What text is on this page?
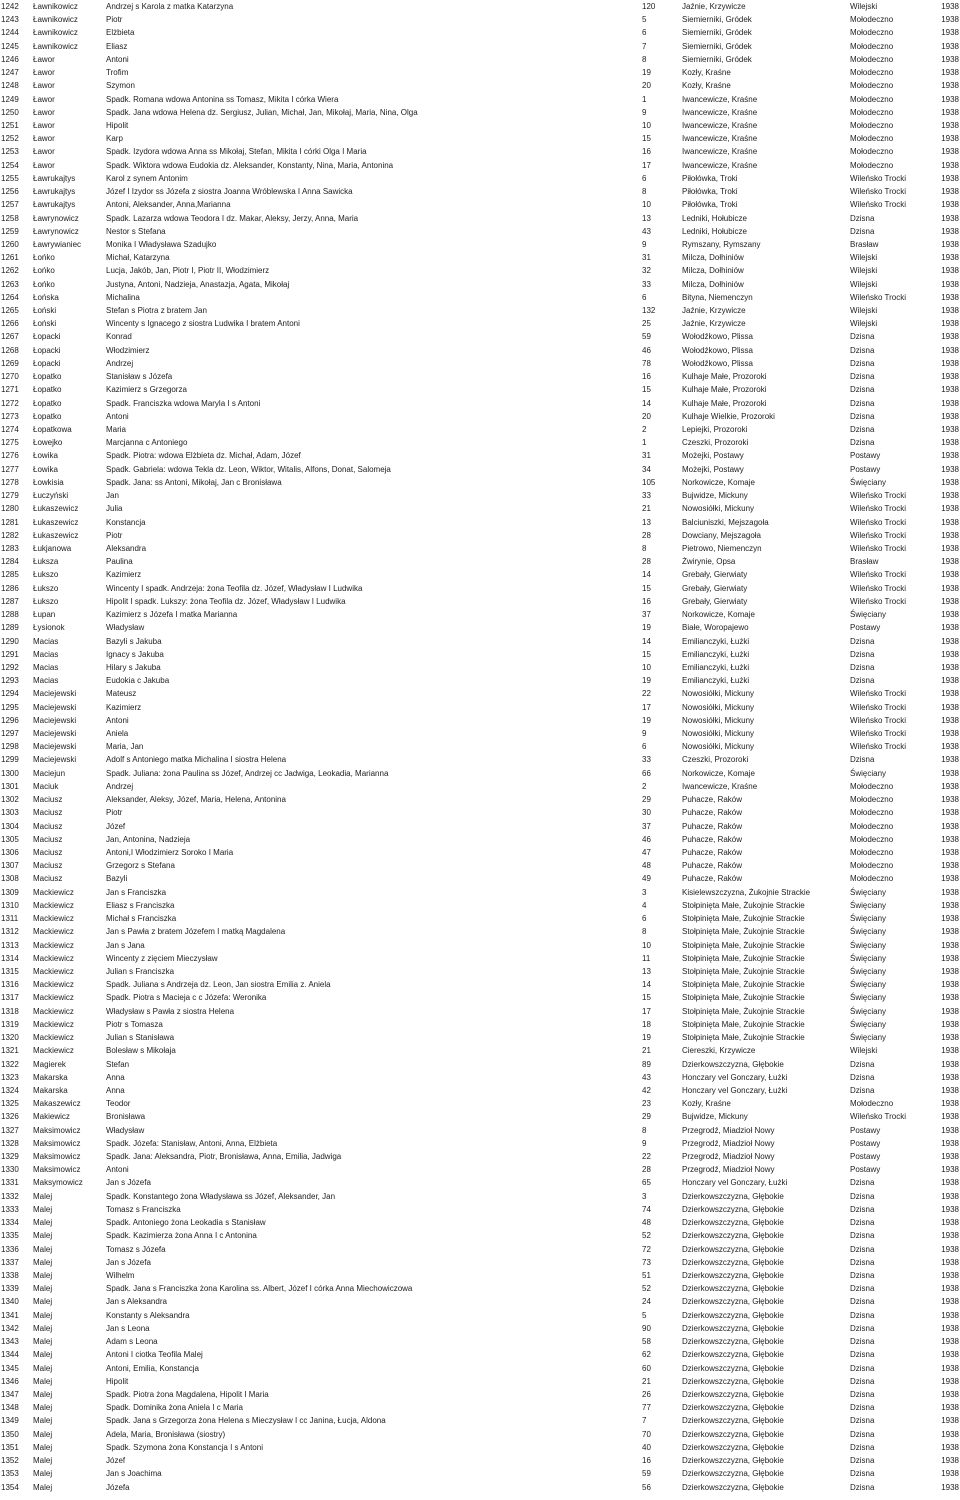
1242	Ławnikowicz	Andrzej s Karola z matka Katarzyna	120	Jaźnie, Krzywicze	Wilejski	1938
1243	Ławnikowicz	Piotr	5	Siemierniki, Gródek	Mołodeczno	1938
1244	Ławnikowicz	Elżbieta	6	Siemierniki, Gródek	Mołodeczno	1938
1245	Ławnikowicz	Eliasz	7	Siemierniki, Gródek	Mołodeczno	1938
1246	Ławor	Antoni	8	Siemierniki, Gródek	Mołodeczno	1938
1247	Ławor	Trofim	19	Kozły, Kraśne	Mołodeczno	1938
1248	Ławor	Szymon	20	Kozły, Kraśne	Mołodeczno	1938
1249	Ławor	Spadk. Romana wdowa Antonina ss Tomasz, Mikita I córka Wiera	1	Iwancewicze, Kraśne	Mołodeczno	1938
1250	Ławor	Spadk. Jana wdowa Helena dz. Sergiusz, Julian, Michał, Jan, Mikołaj, Maria, Nina, Olga	9	Iwancewicze, Kraśne	Mołodeczno	1938
1251	Ławor	Hipolit	10	Iwancewicze, Kraśne	Mołodeczno	1938
1252	Ławor	Karp	15	Iwancewicze, Kraśne	Mołodeczno	1938
1253	Ławor	Spadk. Izydora wdowa Anna ss Mikołaj, Stefan, Mikita I córki Olga I Maria	16	Iwancewicze, Kraśne	Mołodeczno	1938
1254	Ławor	Spadk. Wiktora wdowa Eudokia dz. Aleksander, Konstanty, Nina, Maria, Antonina	17	Iwancewicze, Kraśne	Mołodeczno	1938
1255	Ławrukajtys	Karol z synem Antonim	6	Piłołówka, Troki	Wileńsko Trocki	1938
1256	Ławrukajtys	Józef I Izydor ss Józefa z siostra Joanna Wróblewska I Anna Sawicka	8	Piłołówka, Troki	Wileńsko Trocki	1938
1257	Ławrukajtys	Antoni, Aleksander, Anna,Marianna	10	Piłołówka, Troki	Wileńsko Trocki	1938
1258	Ławrynowicz	Spadk. Lazarza wdowa Teodora I dz. Makar, Aleksy, Jerzy, Anna, Maria	13	Ledniki, Hołubicze	Dzisna	1938
1259	Ławrynowicz	Nestor s Stefana	43	Ledniki, Hołubicze	Dzisna	1938
1260	Ławrywianiec	Monika I Władysława Szadujko	9	Rymszany, Rymszany	Brasław	1938
1261	Łońko	Michał, Katarzyna	31	Milcza, Dołhiniów	Wilejski	1938
1262	Łońko	Lucja, Jakób, Jan, Piotr I, Piotr II, Włodzimierz	32	Milcza, Dołhiniów	Wilejski	1938
1263	Łońko	Justyna, Antoni, Nadzieja, Anastazja, Agata, Mikołaj	33	Milcza, Dołhiniów	Wilejski	1938
1264	Łońska	Michalina	6	Bityna, Niemenczyn	Wileńsko Trocki	1938
1265	Łoński	Stefan s Piotra z bratem Jan	132	Jaźnie, Krzywicze	Wilejski	1938
1266	Łoński	Wincenty s Ignacego z siostra Ludwika I bratem Antoni	25	Jaźnie, Krzywicze	Wilejski	1938
1267	Łopacki	Konrad	59	Wołodźkowo, Plissa	Dzisna	1938
1268	Łopacki	Włodzimierz	46	Wołodźkowo, Plissa	Dzisna	1938
1269	Łopacki	Andrzej	78	Wołodźkowo, Plissa	Dzisna	1938
1270	Łopatko	Stanisław s Józefa	16	Kulhaje Małe, Prozoroki	Dzisna	1938
1271	Łopatko	Kazimierz s Grzegorza	15	Kulhaje Małe, Prozoroki	Dzisna	1938
1272	Łopatko	Spadk. Franciszka wdowa Maryla I s Antoni	14	Kulhaje Małe, Prozoroki	Dzisna	1938
1273	Łopatko	Antoni	20	Kulhaje Wielkie, Prozoroki	Dzisna	1938
1274	Łopatkowa	Maria	2	Lepiejki, Prozoroki	Dzisna	1938
1275	Łowejko	Marcjanna c Antoniego	1	Czeszki, Prozoroki	Dzisna	1938
1276	Łowika	Spadk. Piotra: wdowa Elżbieta dz. Michał, Adam, Józef	31	Możejki, Postawy	Postawy	1938
1277	Łowika	Spadk. Gabriela: wdowa Tekla dz. Leon, Wiktor, Witalis, Alfons, Donat, Salomeja	34	Możejki, Postawy	Postawy	1938
1278	Łowkisia	Spadk. Jana: ss Antoni, Mikołaj, Jan c Bronisława	105	Norkowicze, Komaje	Święciany	1938
1279	Łuczyński	Jan	33	Bujwidze, Mickuny	Wileńsko Trocki	1938
1280	Łukaszewicz	Julia	21	Nowosiółki, Mickuny	Wileńsko Trocki	1938
1281	Łukaszewicz	Konstancja	13	Balciuniszki, Mejszagoła	Wileńsko Trocki	1938
1282	Łukaszewicz	Piotr	28	Dowciany, Mejszagoła	Wileńsko Trocki	1938
1283	Łukjanowa	Aleksandra	8	Pietrowo, Niemenczyn	Wileńsko Trocki	1938
1284	Łuksza	Paulina	28	Żwirynie, Opsa	Brasław	1938
1285	Łukszo	Kazimierz	14	Grebały, Gierwiaty	Wileńsko Trocki	1938
1286	Łukszo	Wincenty I spadk. Andrzeja: żona Teofila dz. Józef, Władysław I Ludwika	15	Grebały, Gierwiaty	Wileńsko Trocki	1938
1287	Łukszo	Hipolit I spadk. Lukszy: żona Teofila dz. Józef, Władysław I Ludwika	16	Grebały, Gierwiaty	Wileńsko Trocki	1938
1288	Łupan	Kazimierz s Józefa I matka Marianna	37	Norkowicze, Komaje	Święciany	1938
1289	Łysionok	Władysław	19	Białe, Woropajewo	Postawy	1938
1290	Macias	Bazyli s Jakuba	14	Emilianczyki, Łużki	Dzisna	1938
1291	Macias	Ignacy s Jakuba	15	Emilianczyki, Łużki	Dzisna	1938
1292	Macias	Hilary s Jakuba	10	Emilianczyki, Łużki	Dzisna	1938
1293	Macias	Eudokia c Jakuba	19	Emilianczyki, Łużki	Dzisna	1938
1294	Maciejewski	Mateusz	22	Nowosiółki, Mickuny	Wileńsko Trocki	1938
1295	Maciejewski	Kazimierz	17	Nowosiółki, Mickuny	Wileńsko Trocki	1938
1296	Maciejewski	Antoni	19	Nowosiółki, Mickuny	Wileńsko Trocki	1938
1297	Maciejewski	Aniela	9	Nowosiółki, Mickuny	Wileńsko Trocki	1938
1298	Maciejewski	Maria, Jan	6	Nowosiółki, Mickuny	Wileńsko Trocki	1938
1299	Maciejewski	Adolf s Antoniego matka Michalina I siostra Helena	33	Czeszki, Prozoroki	Dzisna	1938
1300	Maciejun	Spadk. Juliana: żona Paulina ss Józef, Andrzej cc Jadwiga, Leokadia, Marianna	66	Norkowicze, Komaje	Święciany	1938
1301	Maciuk	Andrzej	2	Iwancewicze, Kraśne	Mołodeczno	1938
1302	Maciusz	Aleksander, Aleksy, Józef, Maria, Helena, Antonina	29	Puhacze, Raków	Mołodeczno	1938
1303	Maciusz	Piotr	30	Puhacze, Raków	Mołodeczno	1938
1304	Maciusz	Józef	37	Puhacze, Raków	Mołodeczno	1938
1305	Maciusz	Jan, Antonina, Nadzieja	46	Puhacze, Raków	Mołodeczno	1938
1306	Maciusz	Antoni,I Włodzimierz Soroko I Maria	47	Puhacze, Raków	Mołodeczno	1938
1307	Maciusz	Grzegorz s Stefana	48	Puhacze, Raków	Mołodeczno	1938
1308	Maciusz	Bazyli	49	Puhacze, Raków	Mołodeczno	1938
1309	Mackiewicz	Jan s Franciszka	3	Kisielewszczyzna, Żukojnie Strackie	Święciany	1938
1310	Mackiewicz	Eliasz s Franciszka	4	Stołpinięta Małe, Żukojnie Strackie	Święciany	1938
1311	Mackiewicz	Michał s Franciszka	6	Stołpinięta Małe, Żukojnie Strackie	Święciany	1938
1312	Mackiewicz	Jan s Pawła z bratem Józefem I matką Magdalena	8	Stołpinięta Małe, Żukojnie Strackie	Święciany	1938
1313	Mackiewicz	Jan s Jana	10	Stołpinięta Małe, Żukojnie Strackie	Święciany	1938
1314	Mackiewicz	Wincenty z zięciem Mieczysław	11	Stołpinięta Małe, Żukojnie Strackie	Święciany	1938
1315	Mackiewicz	Julian s Franciszka	13	Stołpinięta Małe, Żukojnie Strackie	Święciany	1938
1316	Mackiewicz	Spadk. Juliana s Andrzeja dz. Leon, Jan siostra Emilia z. Aniela	14	Stołpinięta Małe, Żukojnie Strackie	Święciany	1938
1317	Mackiewicz	Spadk. Piotra s Macieja c c Józefa: Weronika	15	Stołpinięta Małe, Żukojnie Strackie	Święciany	1938
1318	Mackiewicz	Władysław s Pawła z siostra Helena	17	Stołpinięta Małe, Żukojnie Strackie	Święciany	1938
1319	Mackiewicz	Piotr s Tomasza	18	Stołpinięta Małe, Żukojnie Strackie	Święciany	1938
1320	Mackiewicz	Julian s Stanisława	19	Stołpinięta Małe, Żukojnie Strackie	Święciany	1938
1321	Mackiewicz	Bolesław s Mikołaja	21	Ciereszki, Krzywicze	Wilejski	1938
1322	Magierek	Stefan	89	Dzierkowszczyzna, Głębokie	Dzisna	1938
1323	Makarska	Anna	43	Honczary vel Gonczary, Łużki	Dzisna	1938
1324	Makarska	Anna	42	Honczary vel Gonczary, Łużki	Dzisna	1938
1325	Makaszewicz	Teodor	23	Kozły, Kraśne	Mołodeczno	1938
1326	Makiewicz	Bronisława	29	Bujwidze, Mickuny	Wileńsko Trocki	1938
1327	Maksimowicz	Władysław	8	Przegrodź, Miadzioł Nowy	Postawy	1938
1328	Maksimowicz	Spadk. Józefa: Stanisław, Antoni, Anna, Elżbieta	9	Przegrodź, Miadzioł Nowy	Postawy	1938
1329	Maksimowicz	Spadk. Jana: Aleksandra, Piotr, Bronisława, Anna, Emilia, Jadwiga	22	Przegrodź, Miadzioł Nowy	Postawy	1938
1330	Maksimowicz	Antoni	28	Przegrodź, Miadzioł Nowy	Postawy	1938
1331	Maksymowicz	Jan s Józefa	65	Honczary vel Gonczary, Łużki	Dzisna	1938
1332	Malej	Spadk. Konstantego żona Władysława ss Józef, Aleksander, Jan	3	Dzierkowszczyzna, Głębokie	Dzisna	1938
1333	Malej	Tomasz s Franciszka	74	Dzierkowszczyzna, Głębokie	Dzisna	1938
1334	Malej	Spadk. Antoniego żona Leokadia s Stanisław	48	Dzierkowszczyzna, Głębokie	Dzisna	1938
1335	Malej	Spadk. Kazimierza żona Anna I c Antonina	52	Dzierkowszczyzna, Głębokie	Dzisna	1938
1336	Malej	Tomasz s Józefa	72	Dzierkowszczyzna, Głębokie	Dzisna	1938
1337	Malej	Jan s Józefa	73	Dzierkowszczyzna, Głębokie	Dzisna	1938
1338	Malej	Wilhelm	51	Dzierkowszczyzna, Głębokie	Dzisna	1938
1339	Malej	Spadk. Jana s Franciszka żona Karolina ss. Albert, Józef I córka Anna Miechowiczowa	52	Dzierkowszczyzna, Głębokie	Dzisna	1938
1340	Malej	Jan s Aleksandra	24	Dzierkowszczyzna, Głębokie	Dzisna	1938
1341	Malej	Konstanty s Aleksandra	5	Dzierkowszczyzna, Głębokie	Dzisna	1938
1342	Malej	Jan s Leona	90	Dzierkowszczyzna, Głębokie	Dzisna	1938
1343	Malej	Adam s Leona	58	Dzierkowszczyzna, Głębokie	Dzisna	1938
1344	Malej	Antoni I ciotka Teofila Malej	62	Dzierkowszczyzna, Głębokie	Dzisna	1938
1345	Malej	Antoni, Emilia, Konstancja	60	Dzierkowszczyzna, Głębokie	Dzisna	1938
1346	Malej	Hipolit	21	Dzierkowszczyzna, Głębokie	Dzisna	1938
1347	Malej	Spadk. Piotra żona Magdalena, Hipolit I Maria	26	Dzierkowszczyzna, Głębokie	Dzisna	1938
1348	Malej	Spadk. Dominika żona Aniela I c Maria	77	Dzierkowszczyzna, Głębokie	Dzisna	1938
1349	Malej	Spadk. Jana s Grzegorza żona Helena s Mieczysław I cc Janina, Łucja, Aldona	7	Dzierkowszczyzna, Głębokie	Dzisna	1938
1350	Malej	Adela, Maria, Bronisława (siostry)	70	Dzierkowszczyzna, Głębokie	Dzisna	1938
1351	Malej	Spadk. Szymona żona Konstancja I s Antoni	40	Dzierkowszczyzna, Głębokie	Dzisna	1938
1352	Malej	Józef	16	Dzierkowszczyzna, Głębokie	Dzisna	1938
1353	Malej	Jan s Joachima	59	Dzierkowszczyzna, Głębokie	Dzisna	1938
1354	Malej	Józefa	56	Dzierkowszczyzna, Głębokie	Dzisna	1938
